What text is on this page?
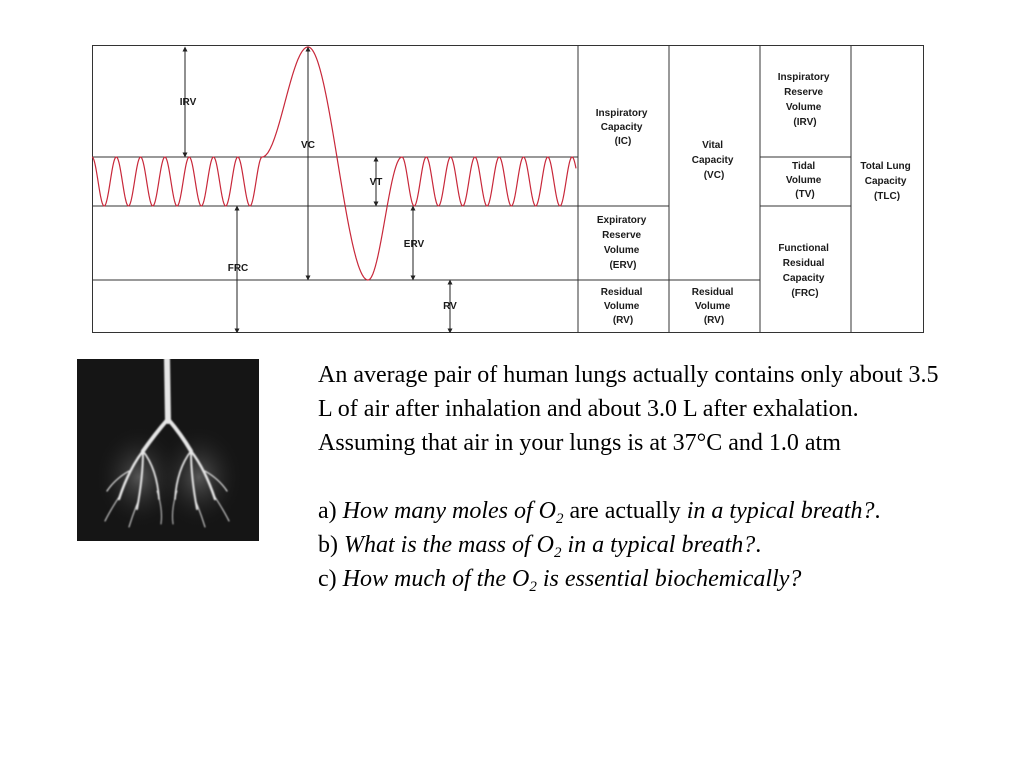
IRV
VC
VT
ERV
FRC
RV
Inspiratory Capacity (IC)
Expiratory Reserve Volume (ERV)
Residual Volume (RV)
Vital Capacity (VC)
Residual Volume (RV)
Inspiratory Reserve Volume (IRV)
Tidal Volume (TV)
Functional Residual Capacity (FRC)
Total Lung Capacity (TLC)

An average pair of human lungs actually contains only about 3.5 L of air after inhalation and about 3.0 L after exhalation. Assuming that air in your lungs is at 37°C and 1.0 atm

a) How many moles of $O_2$ are actually in a typical breath?.

b) What is the mass of $O_2$ in a typical breath?.

c) How much of the $O_2$ is essential biochemically?
